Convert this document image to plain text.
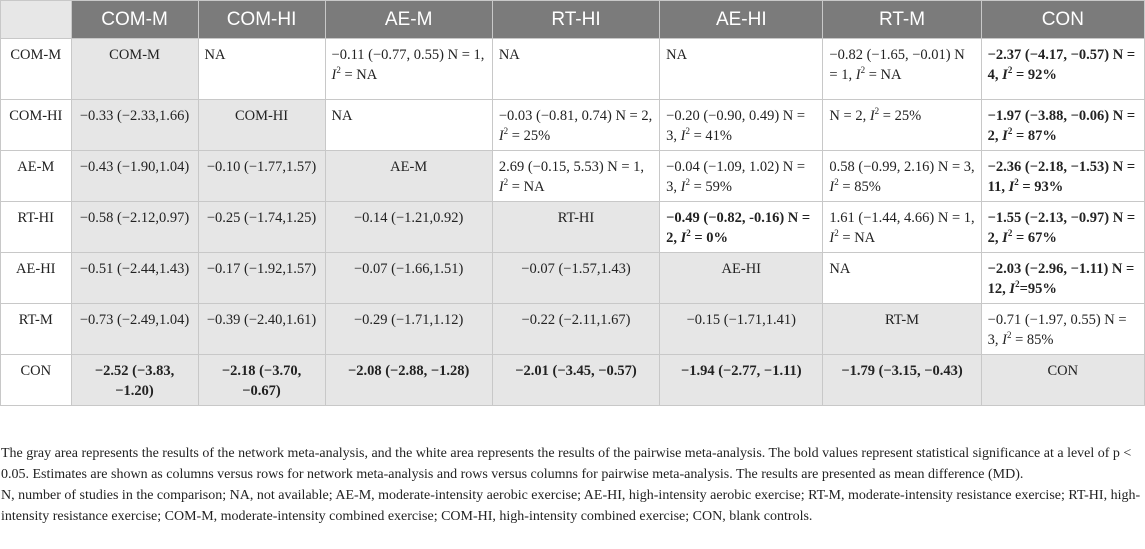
	COM-M	COM-HI	AE-M	RT-HI	AE-HI	RT-M	CON
COM-M	COM-M	NA	−0.11 (−0.77, 0.55) N = 1, $I^2$ = NA	NA	NA	−0.82 (−1.65, −0.01) N = 1, $I^2$ = NA	−2.37 (−4.17, −0.57) N = 4, $I^2 = 92\%$
COM-HI	−0.33 (−2.33,1.66)	COM-HI	NA	−0.03 (−0.81, 0.74) N = 2, $I^2 = 25\%$	−0.20 (−0.90, 0.49) N = 3, $I^2 = 41\%$	N = 2, $I^2 = 25\%$	−1.97 (−3.88, −0.06) N = 2, $I^2 = 87\%$
AE-M	−0.43 (−1.90,1.04)	−0.10 (−1.77,1.57)	AE-M	2.69 (−0.15, 5.53) N = 1, $I^2$ = NA	−0.04 (−1.09, 1.02) N = 3, $I^2 = 59\%$	0.58 (−0.99, 2.16) N = 3, $I^2 = 85\%$	−2.36 (−2.18, −1.53) N = 11, $I^2 = 93\%$
RT-HI	−0.58 (−2.12,0.97)	−0.25 (−1.74,1.25)	−0.14 (−1.21,0.92)	RT-HI	−0.49 (−0.82, -0.16) N = 2, $I^2 = 0\%$	1.61 (−1.44, 4.66) N = 1, $I^2$ = NA	−1.55 (−2.13, −0.97) N = 2, $I^2 = 67\%$
AE-HI	−0.51 (−2.44,1.43)	−0.17 (−1.92,1.57)	−0.07 (−1.66,1.51)	−0.07 (−1.57,1.43)	AE-HI	NA	−2.03 (−2.96, −1.11) N = 12, $I^2=95\%$
RT-M	−0.73 (−2.49,1.04)	−0.39 (−2.40,1.61)	−0.29 (−1.71,1.12)	−0.22 (−2.11,1.67)	−0.15 (−1.71,1.41)	RT-M	−0.71 (−1.97, 0.55) N = 3, $I^2 = 85\%$
CON	−2.52 (−3.83, −1.20)	−2.18 (−3.70, −0.67)	−2.08 (−2.88, −1.28)	−2.01 (−3.45, −0.57)	−1.94 (−2.77, −1.11)	−1.79 (−3.15, −0.43)	CON

The gray area represents the results of the network meta-analysis, and the white area represents the results of the pairwise meta-analysis. The bold values represent statistical significance at a level of p < 0.05. Estimates are shown as columns versus rows for network meta-analysis and rows versus columns for pairwise meta-analysis. The results are presented as mean difference (MD).

N, number of studies in the comparison; NA, not available; AE-M, moderate-intensity aerobic exercise; AE-HI, high-intensity aerobic exercise; RT-M, moderate-intensity resistance exercise; RT-HI, high-intensity resistance exercise; COM-M, moderate-intensity combined exercise; COM-HI, high-intensity combined exercise; CON, blank controls.
